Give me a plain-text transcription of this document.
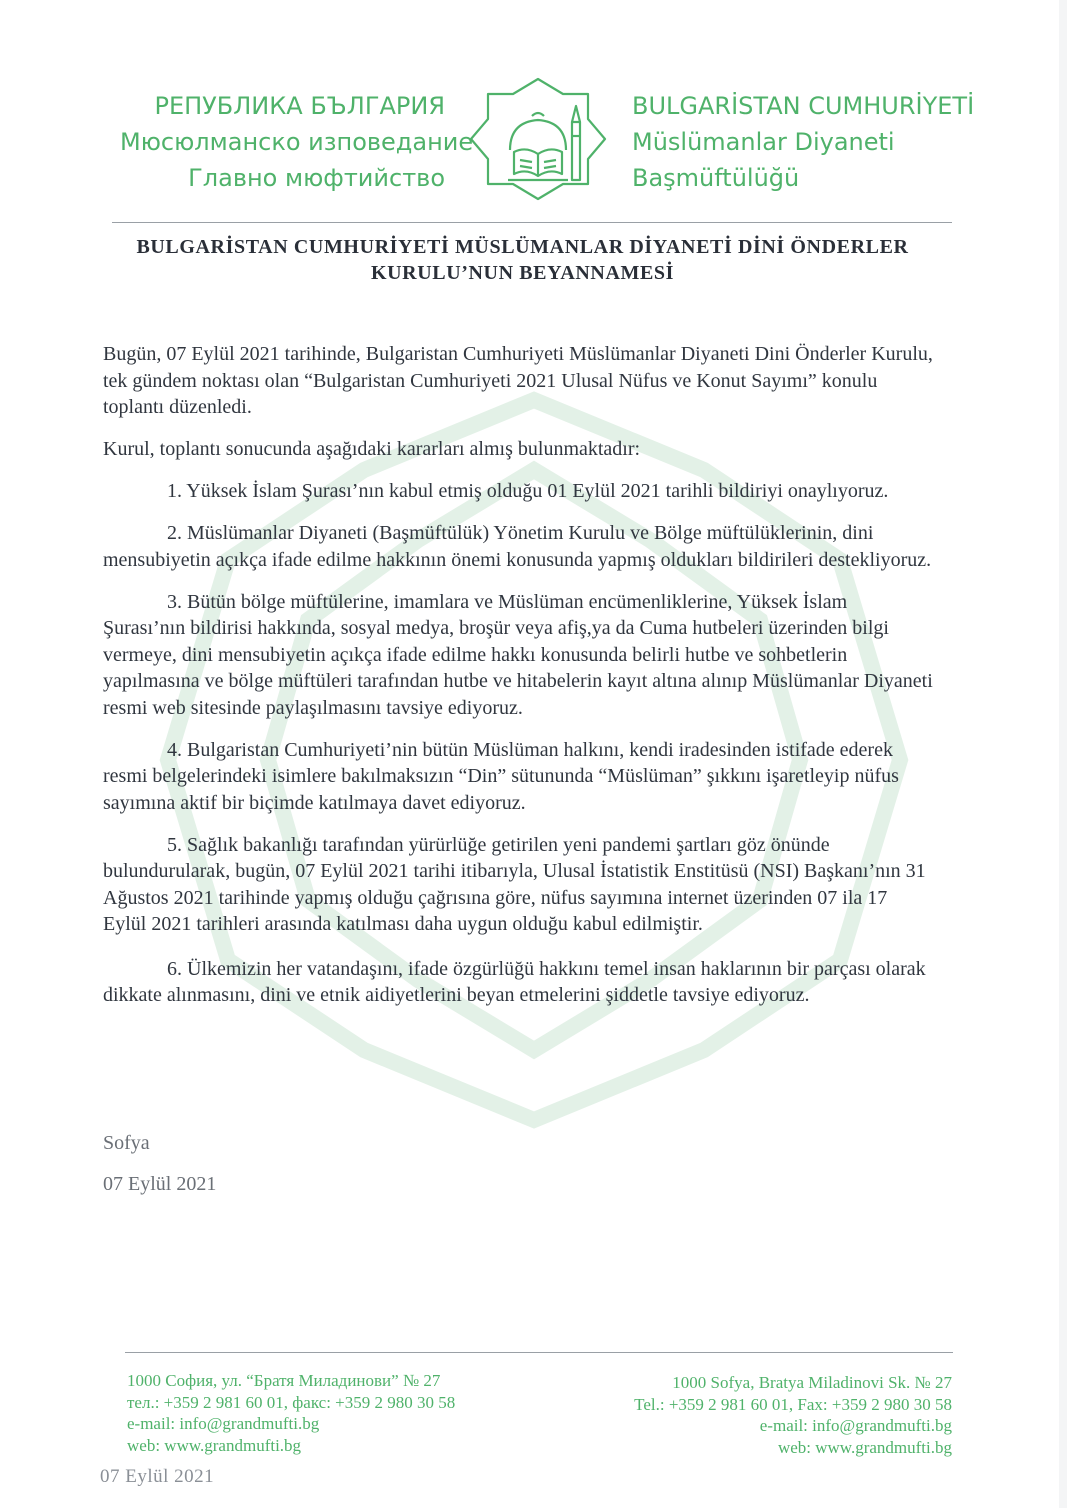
РЕПУБЛИКА БЪЛГАРИЯ
Мюсюлманско изповедание
Главно мюфтийство
BULGARİSTAN CUMHURİYETİ
Müslümanlar Diyaneti
Başmüftülüğü
BULGARİSTAN CUMHURİYETİ MÜSLÜMANLAR DİYANETİ DİNİ ÖNDERLER
KURULU’NUN BEYANNAMESİ

Bugün, 07 Eylül 2021 tarihinde, Bulgaristan Cumhuriyeti Müslümanlar Diyaneti Dini Önderler Kurulu, tek gündem noktası olan “Bulgaristan Cumhuriyeti 2021 Ulusal Nüfus ve Konut Sayımı” konulu toplantı düzenledi.

Kurul, toplantı sonucunda aşağıdaki kararları almış bulunmaktadır:

1. Yüksek İslam Şurası’nın kabul etmiş olduğu 01 Eylül 2021 tarihli bildiriyi onaylıyoruz.

2. Müslümanlar Diyaneti (Başmüftülük) Yönetim Kurulu ve Bölge müftülüklerinin, dini mensubiyetin açıkça ifade edilme hakkının önemi konusunda yapmış oldukları bildirileri destekliyoruz.

3. Bütün bölge müftülerine, imamlara ve Müslüman encümenliklerine, Yüksek İslam Şurası’nın bildirisi hakkında, sosyal medya, broşür veya afiş,ya da Cuma hutbeleri üzerinden bilgi vermeye, dini mensubiyetin açıkça ifade edilme hakkı konusunda belirli hutbe ve sohbetlerin yapılmasına ve bölge müftüleri tarafından hutbe ve hitabelerin kayıt altına alınıp Müslümanlar Diyaneti resmi web sitesinde paylaşılmasını tavsiye ediyoruz.

4. Bulgaristan Cumhuriyeti’nin bütün Müslüman halkını, kendi iradesinden istifade ederek resmi belgelerindeki isimlere bakılmaksızın “Din” sütununda “Müslüman” şıkkını işaretleyip nüfus sayımına aktif bir biçimde katılmaya davet ediyoruz.

5. Sağlık bakanlığı tarafından yürürlüğe getirilen yeni pandemi şartları göz önünde bulundurularak, bugün, 07 Eylül 2021 tarihi itibarıyla, Ulusal İstatistik Enstitüsü (NSI) Başkanı’nın 31 Ağustos 2021 tarihinde yapmış olduğu çağrısına göre, nüfus sayımına internet üzerinden 07 ila 17 Eylül 2021 tarihleri arasında katılması daha uygun olduğu kabul edilmiştir.

6. Ülkemizin her vatandaşını, ifade özgürlüğü hakkını temel insan haklarının bir parçası olarak dikkate alınmasını, dini ve etnik aidiyetlerini beyan etmelerini şiddetle tavsiye ediyoruz.

Sofya
07 Eylül 2021
1000 София, ул. “Братя Миладинови” № 27
тел.: +359 2 981 60 01, факс: +359 2 980 30 58
e-mail: info@grandmufti.bg
web: www.grandmufti.bg
1000 Sofya, Bratya Miladinovi Sk. № 27
Tel.: +359 2 981 60 01, Fax: +359 2 980 30 58
e-mail: info@grandmufti.bg
web: www.grandmufti.bg
07 Eylül 2021
